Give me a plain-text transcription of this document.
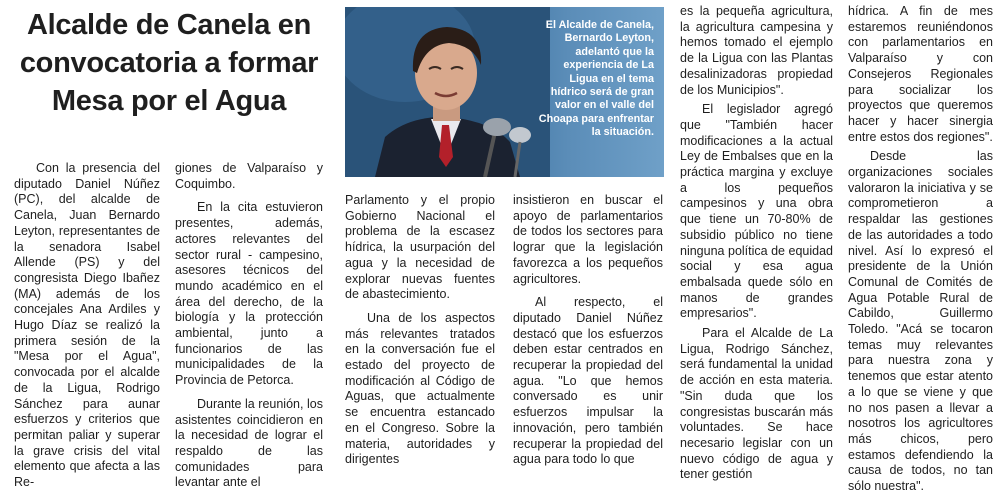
Alcalde de Canela en convocatoria a formar Mesa por el Agua
El Alcalde de Canela, Bernardo Leyton, adelantó que la experiencia de La Ligua en el tema hídrico será de gran valor en el valle del Choapa para enfrentar la situación.

Con la presencia del diputado Daniel Núñez (PC), del alcalde de Canela, Juan Bernardo Leyton, representantes de la senadora Isabel Allende (PS) y del congresista Diego Ibañez (MA) además de los concejales Ana Ardiles y Hugo Díaz se realizó la primera sesión de la "Mesa por el Agua", convocada por el alcalde de la Ligua, Rodrigo Sánchez para aunar esfuerzos y criterios que permitan paliar y superar la grave crisis del vital elemento que afecta a las Re-

giones de Valparaíso y Coquimbo.

En la cita estuvieron presentes, además, actores relevantes del sector rural - campesino, asesores técnicos del mundo académico en el área del derecho, de la biología y la protección ambiental, junto a funcionarios de las municipalidades de la Provincia de Petorca.

Durante la reunión, los asistentes coincidieron en la necesidad de lograr el respaldo de las comunidades para levantar ante el

Parlamento y el propio Gobierno Nacional el problema de la escasez hídrica, la usurpación del agua y la necesidad de explorar nuevas fuentes de abastecimiento.

Una de los aspectos más relevantes tratados en la conversación fue el estado del proyecto de modificación al Código de Aguas, que actualmente se encuentra estancado en el Congreso. Sobre la materia, autoridades y dirigentes

insistieron en buscar el apoyo de parlamentarios de todos los sectores para lograr que la legislación favorezca a los pequeños agricultores.

Al respecto, el diputado Daniel Núñez destacó que los esfuerzos deben estar centrados en recuperar la propiedad del agua. "Lo que hemos conversado es unir esfuerzos impulsar la innovación, pero también recuperar la propiedad del agua para todo lo que

es la pequeña agricultura, la agricultura campesina y hemos tomado el ejemplo de la Ligua con las Plantas desalinizadoras propiedad de los Municipios".

El legislador agregó que "También hacer modificaciones a la actual Ley de Embalses que en la práctica margina y excluye a los pequeños campesinos y una obra que tiene un 70-80% de subsidio público no tiene ninguna política de equidad social y esa agua embalsada quede sólo en manos de grandes empresarios".

Para el Alcalde de La Ligua, Rodrigo Sánchez, será fundamental la unidad de acción en esta materia. "Sin duda que los congresistas buscarán más voluntades. Se hace necesario legislar con un nuevo código de agua y tener gestión

hídrica. A fin de mes estaremos reuniéndonos con parlamentarios en Valparaíso y con Consejeros Regionales para socializar los proyectos que queremos hacer y hacer sinergia entre estos dos regiones".

Desde las organizaciones sociales valoraron la iniciativa y se comprometieron a respaldar las gestiones de las autoridades a todo nivel. Así lo expresó el presidente de la Unión Comunal de Comités de Agua Potable Rural de Cabildo, Guillermo Toledo. "Acá se tocaron temas muy relevantes para nuestra zona y tenemos que estar atento a lo que se viene y que no nos pasen a llevar a nosotros los agricultores más chicos, pero estamos defendiendo la causa de todos, no tan sólo nuestra".
